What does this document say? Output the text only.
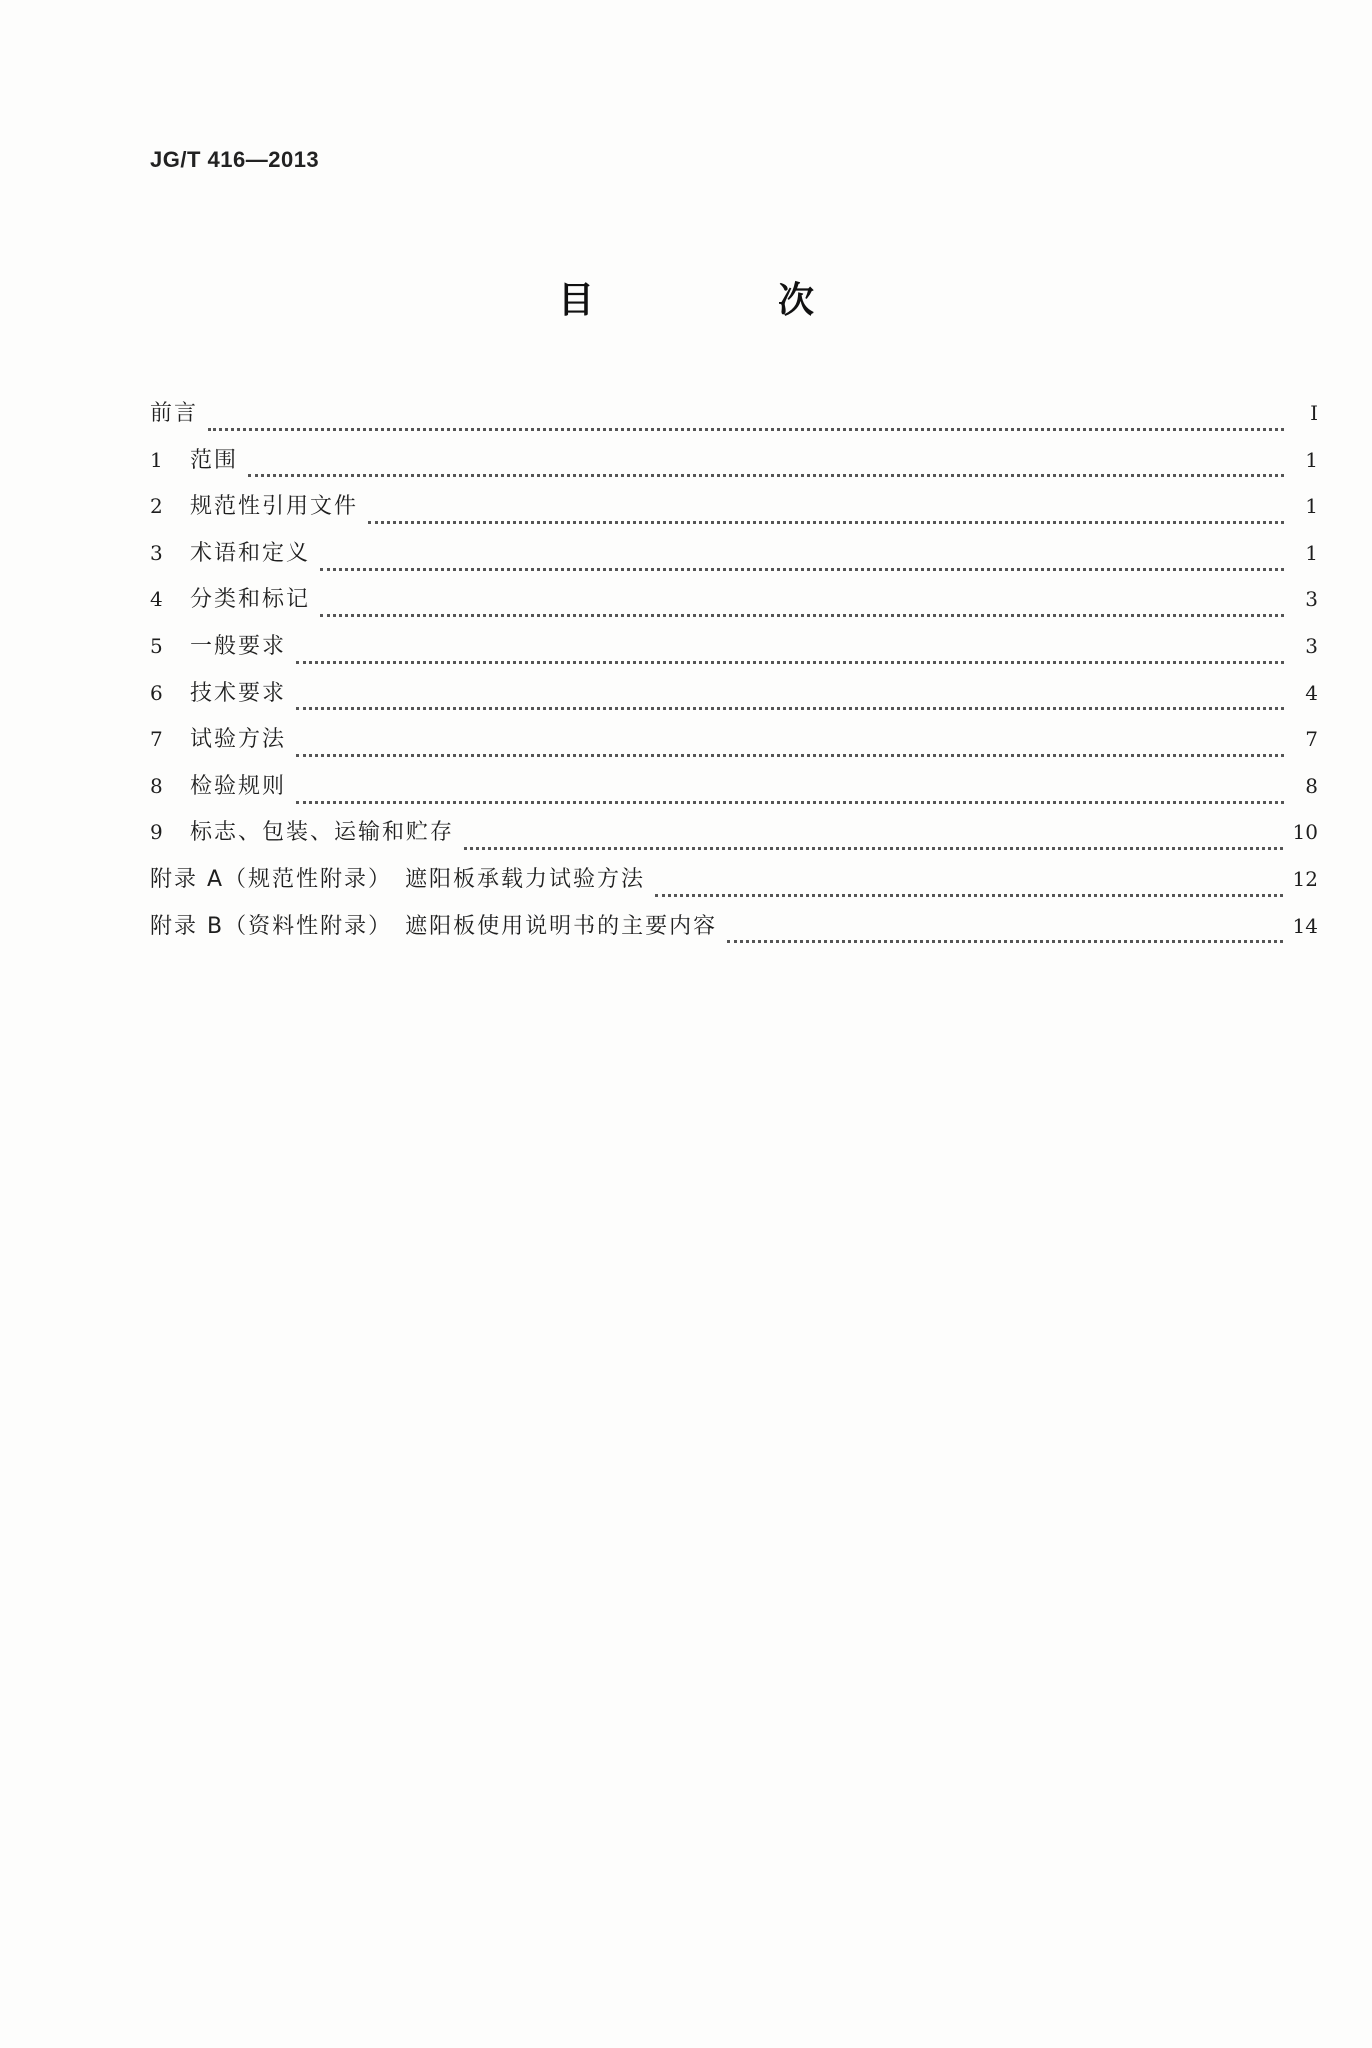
JG/T 416—2013
目　次
前言	Ⅰ
1	范围	1
2	规范性引用文件	1
3	术语和定义	1
4	分类和标记	3
5	一般要求	3
6	技术要求	4
7	试验方法	7
8	检验规则	8
9	标志、包装、运输和贮存	10
附录 A（规范性附录）　遮阳板承载力试验方法	12
附录 B（资料性附录）　遮阳板使用说明书的主要内容	14
